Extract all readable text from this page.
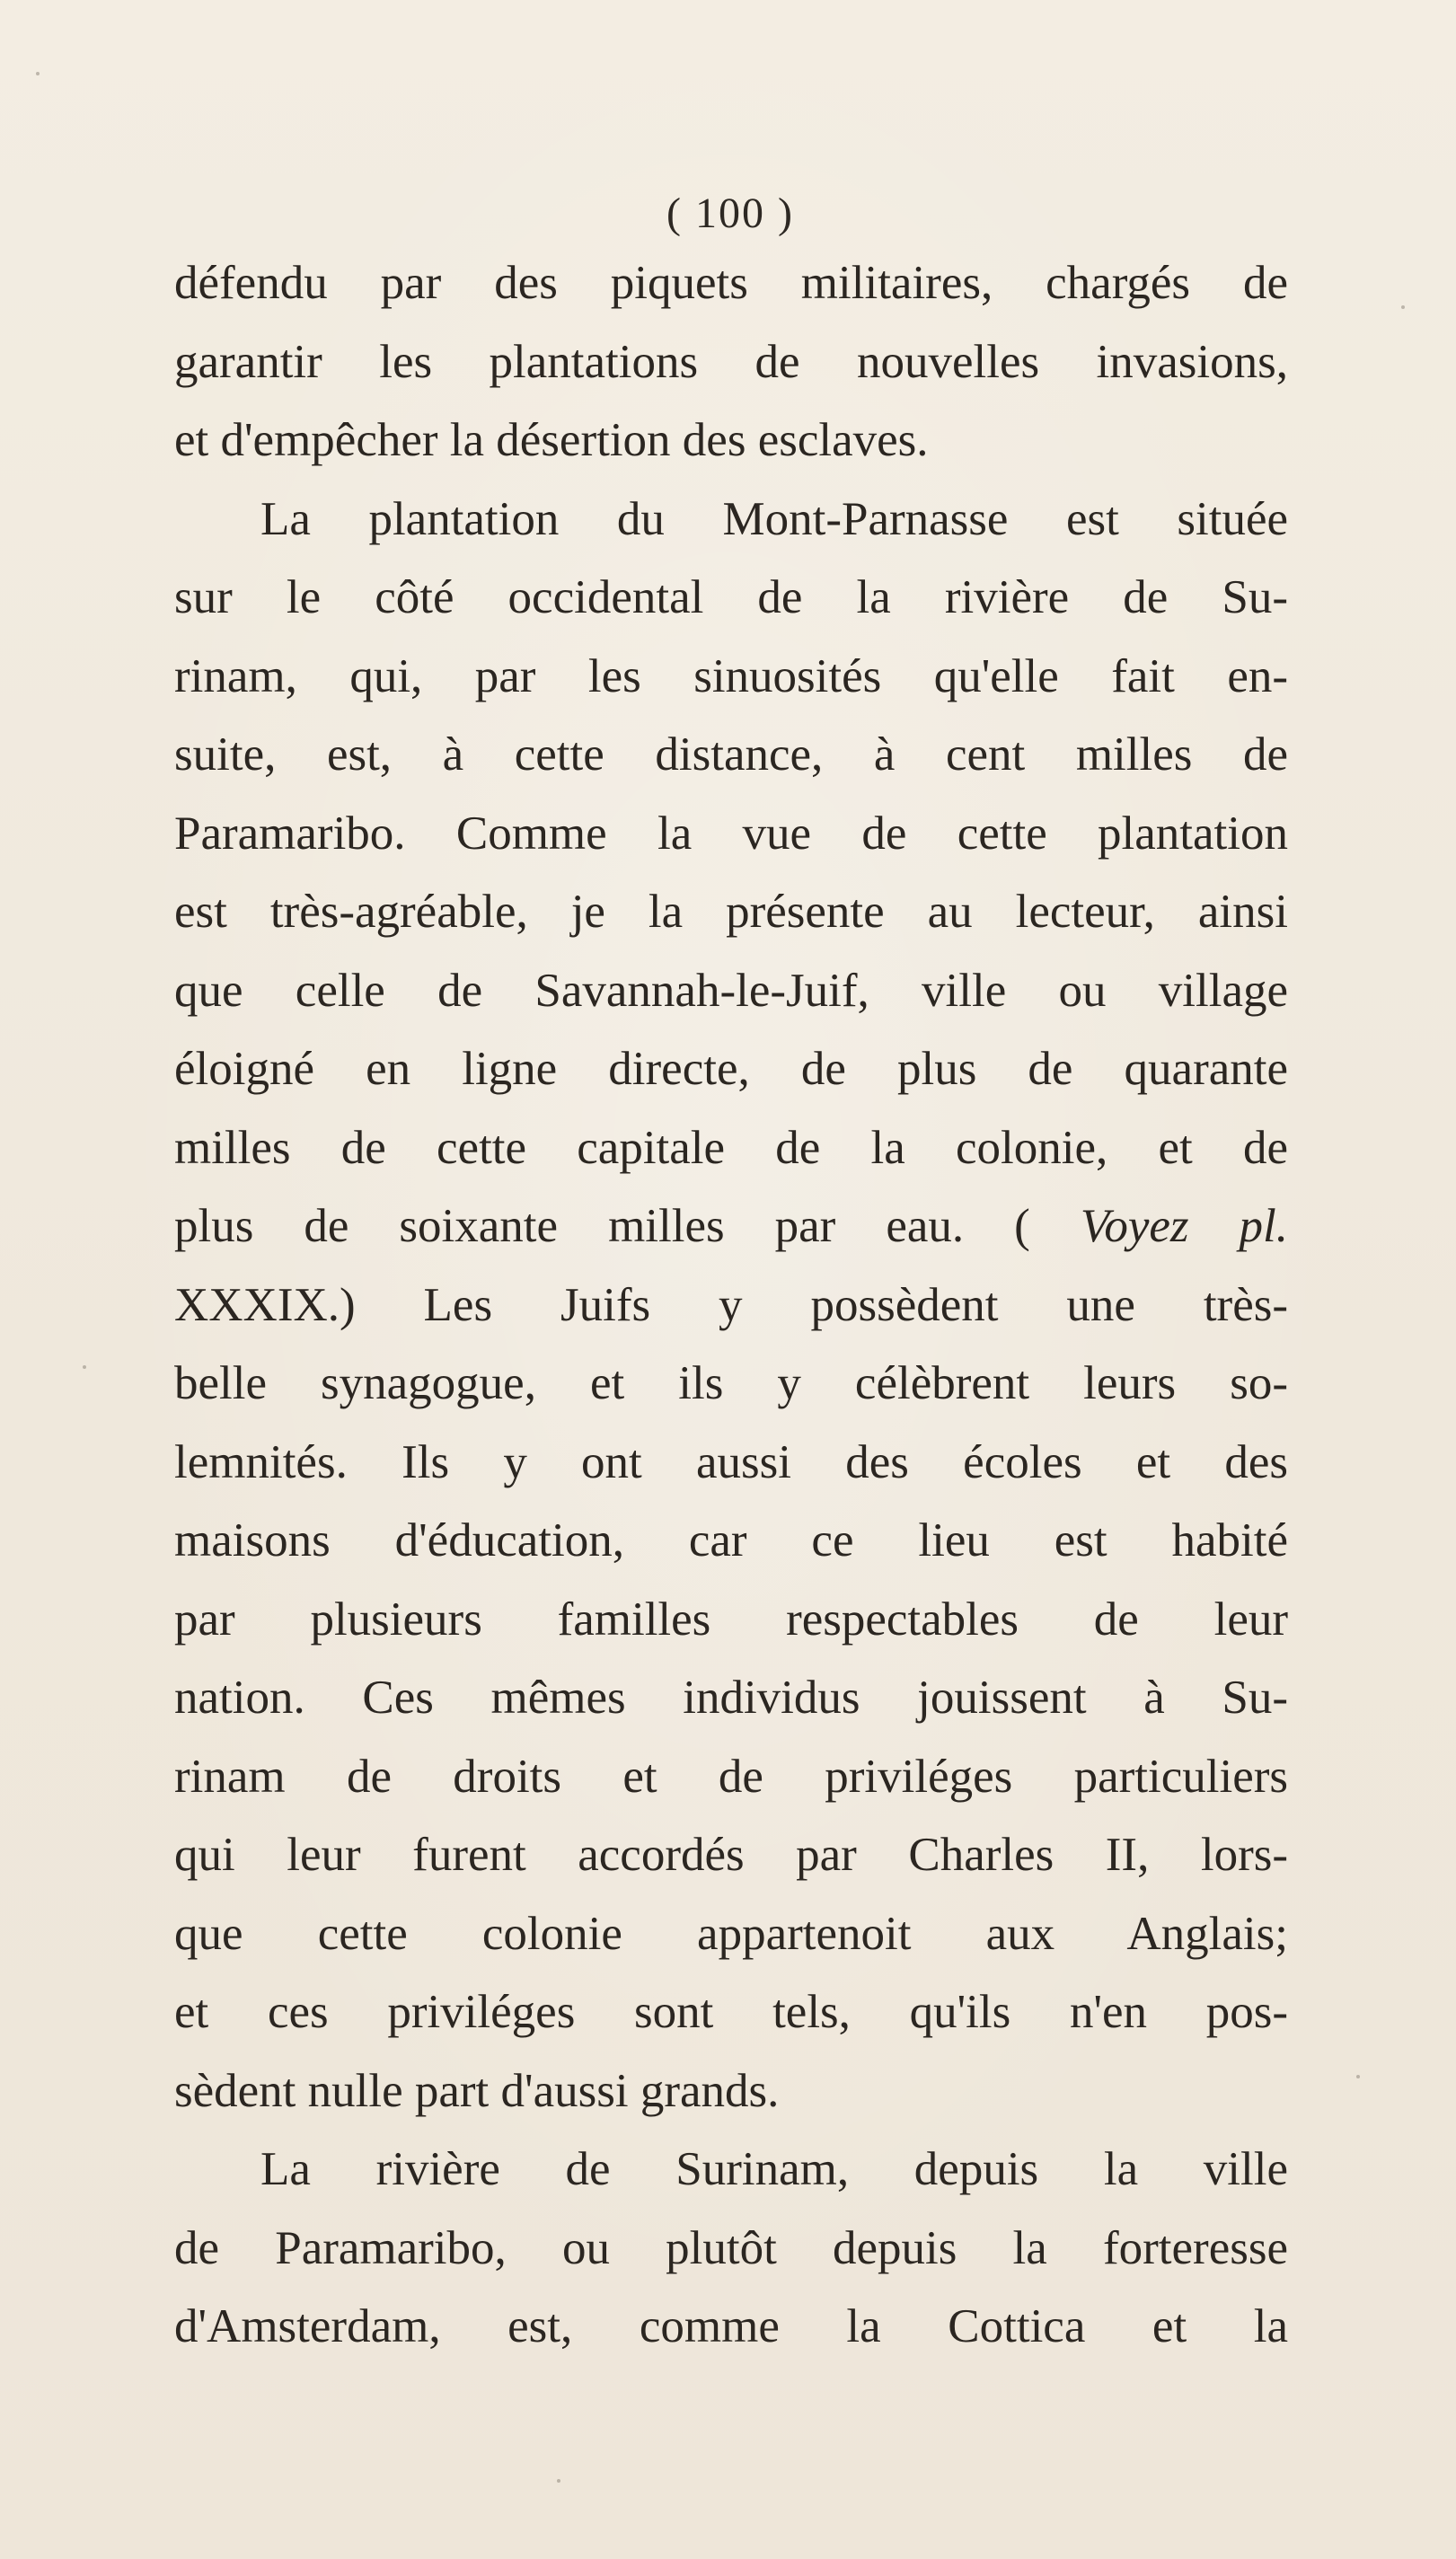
( 100 )
défendu par des piquets militaires, chargés de
garantir les plantations de nouvelles invasions,
et d'empêcher la désertion des esclaves.
La plantation du Mont-Parnasse est située
sur le côté occidental de la rivière de Su-
rinam, qui, par les sinuosités qu'elle fait en-
suite, est, à cette distance, à cent milles de
Paramaribo. Comme la vue de cette plantation
est très-agréable, je la présente au lecteur, ainsi
que celle de Savannah-le-Juif, ville ou village
éloigné en ligne directe, de plus de quarante
milles de cette capitale de la colonie, et de
plus de soixante milles par eau. ( Voyez pl.
XXXIX.) Les Juifs y possèdent une très-
belle synagogue, et ils y célèbrent leurs so-
lemnités. Ils y ont aussi des écoles et des
maisons d'éducation, car ce lieu est habité
par plusieurs familles respectables de leur
nation. Ces mêmes individus jouissent à Su-
rinam de droits et de priviléges particuliers
qui leur furent accordés par Charles II, lors-
que cette colonie appartenoit aux Anglais;
et ces priviléges sont tels, qu'ils n'en pos-
sèdent nulle part d'aussi grands.
La rivière de Surinam, depuis la ville
de Paramaribo, ou plutôt depuis la forteresse
d'Amsterdam, est, comme la Cottica et la
